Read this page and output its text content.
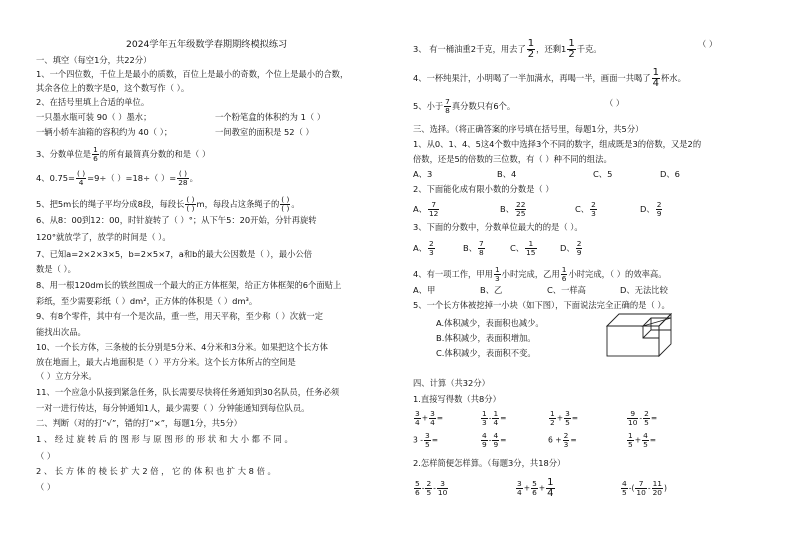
2024学年五年级数学春期期终模拟练习
一、填空（每空1分，共22分）
1、一个四位数，千位上是最小的质数，百位上是最小的奇数，个位上是最小的合数，
其余各位上的数字是0，这个数写作（ ）。
2、在括号里填上合适的单位。
一只墨水瓶可装 90（ ）墨水；	一个粉笔盒的体积约为 1（ ）
一辆小轿车油箱的容积约为 40（ ）；	一间教室的面积是 52（ ）
3、分数单位是 $\frac{1}{6}$ 的所有最简真分数的和是（ ）
4、$0.75= \frac{( )}{4} =9\div$（ ）=18÷（ ）= $\frac{( )}{28}$ 。
5、把5m长的绳子平均分成8段，每段长 $\frac{( )}{( )}$ m，每段占这条绳子的 $\frac{( )}{( )}$ 。
6、从8：00到12：00，时针旋转了（ ）°；从下午5：20开始，分针再旋转
120°就放学了，放学的时间是（ ）。
7、已知a=2×2×3×5，b=2×5×7，a和b的最大公因数是（ ），最小公倍
数是（ ）。
8、用一根120dm长的铁丝围成一个最大的正方体框架，给正方体框架的6个面贴上
彩纸，至少需要彩纸（ ）dm²，正方体的体积是（ ）dm³。
9、有8个零件，其中有一个是次品，重一些，用天平称，至少称（ ）次就一定
能找出次品。
10、一个长方体，三条棱的长分别是5分米、4分米和3分米。如果把这个长方体
放在地面上，最大占地面积是（ ）平方分米。这个长方体所占的空间是
（ ）立方分米。
11、一个应急小队接到紧急任务，队长需要尽快将任务通知到30名队员，任务必须
一对一进行传达，每分钟通知1人，最少需要（ ）分钟能通知到每位队员。
二、判断（对的打“√”，错的打“×”，每题1分，共5分）
1 、 经 过 旋 转 后 的 图 形 与 原 图 形 的 形 状 和 大 小 都 不 同 。
（ ）
2 、 长 方 体 的 棱 长 扩 大 2 倍 ， 它 的 体 积 也 扩 大 8 倍 。
（ ）
3、 有一桶油重2千克，用去了 $\frac{1}{2}$ ，还剩$1 \frac{1}{2}$ 千克。	（ ）
4、一杯纯果汁，小明喝了一半加满水，再喝一半，画面一共喝了 $\frac{1}{4}$ 杯水。
5、小于 $\frac{7}{8}$ 真分数只有6个。	（ ）
三、选择。（将正确答案的序号填在括号里，每题1分，共5分）
1、从0、1、4、5这4个数中选择3个不同的数字，组成既是3的倍数，又是2的
倍数，还是5的倍数的三位数，有（ ）种不同的组法。
A、3	B、4	C、5	D、6
2、下面能化成有限小数的分数是（ ）
A、 $\frac{7}{12}$	B、 $\frac{22}{25}$	C、 $\frac{2}{3}$	D、 $\frac{2}{9}$
3、下面的分数中，分数单位最大的的是（ ）。
A、 $\frac{2}{3}$	B、 $\frac{7}{8}$	C、 $\frac{1}{15}$	D、 $\frac{2}{9}$
4、有一项工作，甲用 $\frac{1}{3}$ 小时完成，乙用 $\frac{1}{6}$ 小时完成，（ ）的效率高。
A、甲	B、乙	C、一样高	D、无法比较
5、一个长方体被挖掉一小块（如下图），下面说法完全正确的是（ ）。
A.体积减少，表面积也减少。
B.体积减少，表面积增加。
C.体积减少，表面积不变。
四、计算（共32分）
1.直接写得数（共8分）
$\frac{3}{4} + \frac{3}{4}$ =	$\frac{1}{3} - \frac{1}{4}$ =	$\frac{1}{2} + \frac{3}{5}$ =	$\frac{9}{10} - \frac{2}{5}$ =
$3 - \frac{3}{5}$ =	$\frac{4}{9} - \frac{4}{9}$ =	$6 + \frac{2}{3}$ =	$\frac{1}{5} + \frac{4}{5}$ =
2.怎样简便怎样算。（每题3分，共18分）
$\frac{5}{6} - \frac{2}{5} - \frac{3}{10}$	$\frac{3}{4} + \frac{5}{6} + \frac{1}{4}$	$\frac{4}{5}$ -( $\frac{7}{10} - \frac{11}{20}$ )
